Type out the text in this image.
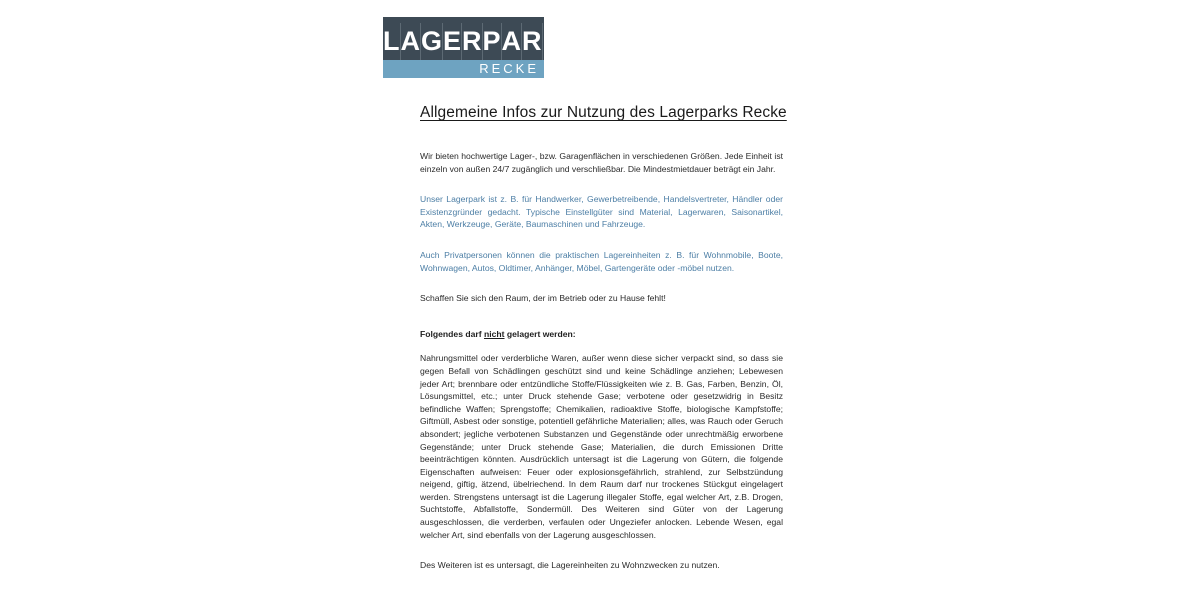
L A G E R P A R K
RECKE
Allgemeine Infos zur Nutzung des Lagerparks Recke

Wir bieten hochwertige Lager-, bzw. Garagenflächen in verschiedenen Größen. Jede Einheit ist einzeln von außen 24/7 zugänglich und verschließbar. Die Mindestmietdauer beträgt ein Jahr.

Unser Lagerpark ist z. B. für Handwerker, Gewerbetreibende, Handelsvertreter, Händler oder Existenzgründer gedacht. Typische Einstellgüter sind Material, Lagerwaren, Saisonartikel, Akten, Werkzeuge, Geräte, Baumaschinen und Fahrzeuge.

Auch Privatpersonen können die praktischen Lagereinheiten z. B. für Wohnmobile, Boote, Wohnwagen, Autos, Oldtimer, Anhänger, Möbel, Gartengeräte oder -möbel nutzen.

Schaffen Sie sich den Raum, der im Betrieb oder zu Hause fehlt!

Folgendes darf nicht gelagert werden:

Nahrungsmittel oder verderbliche Waren, außer wenn diese sicher verpackt sind, so dass sie gegen Befall von Schädlingen geschützt sind und keine Schädlinge anziehen; Lebewesen jeder Art; brennbare oder entzündliche Stoffe/Flüssigkeiten wie z. B. Gas, Farben, Benzin, Öl, Lösungsmittel, etc.; unter Druck stehende Gase; verbotene oder gesetzwidrig in Besitz befindliche Waffen; Sprengstoffe; Chemikalien, radioaktive Stoffe, biologische Kampfstoffe; Giftmüll, Asbest oder sonstige, potentiell gefährliche Materialien; alles, was Rauch oder Geruch absondert; jegliche verbotenen Substanzen und Gegenstände oder unrechtmäßig erworbene Gegenstände; unter Druck stehende Gase; Materialien, die durch Emissionen Dritte beeinträchtigen könnten. Ausdrücklich untersagt ist die Lagerung von Gütern, die folgende Eigenschaften aufweisen: Feuer oder explosionsgefährlich, strahlend, zur Selbstzündung neigend, giftig, ätzend, übelriechend. In dem Raum darf nur trockenes Stückgut eingelagert werden. Strengstens untersagt ist die Lagerung illegaler Stoffe, egal welcher Art, z.B. Drogen, Suchtstoffe, Abfallstoffe, Sondermüll. Des Weiteren sind Güter von der Lagerung ausgeschlossen, die verderben, verfaulen oder Ungeziefer anlocken. Lebende Wesen, egal welcher Art, sind ebenfalls von der Lagerung ausgeschlossen.

Des Weiteren ist es untersagt, die Lagereinheiten zu Wohnzwecken zu nutzen.
